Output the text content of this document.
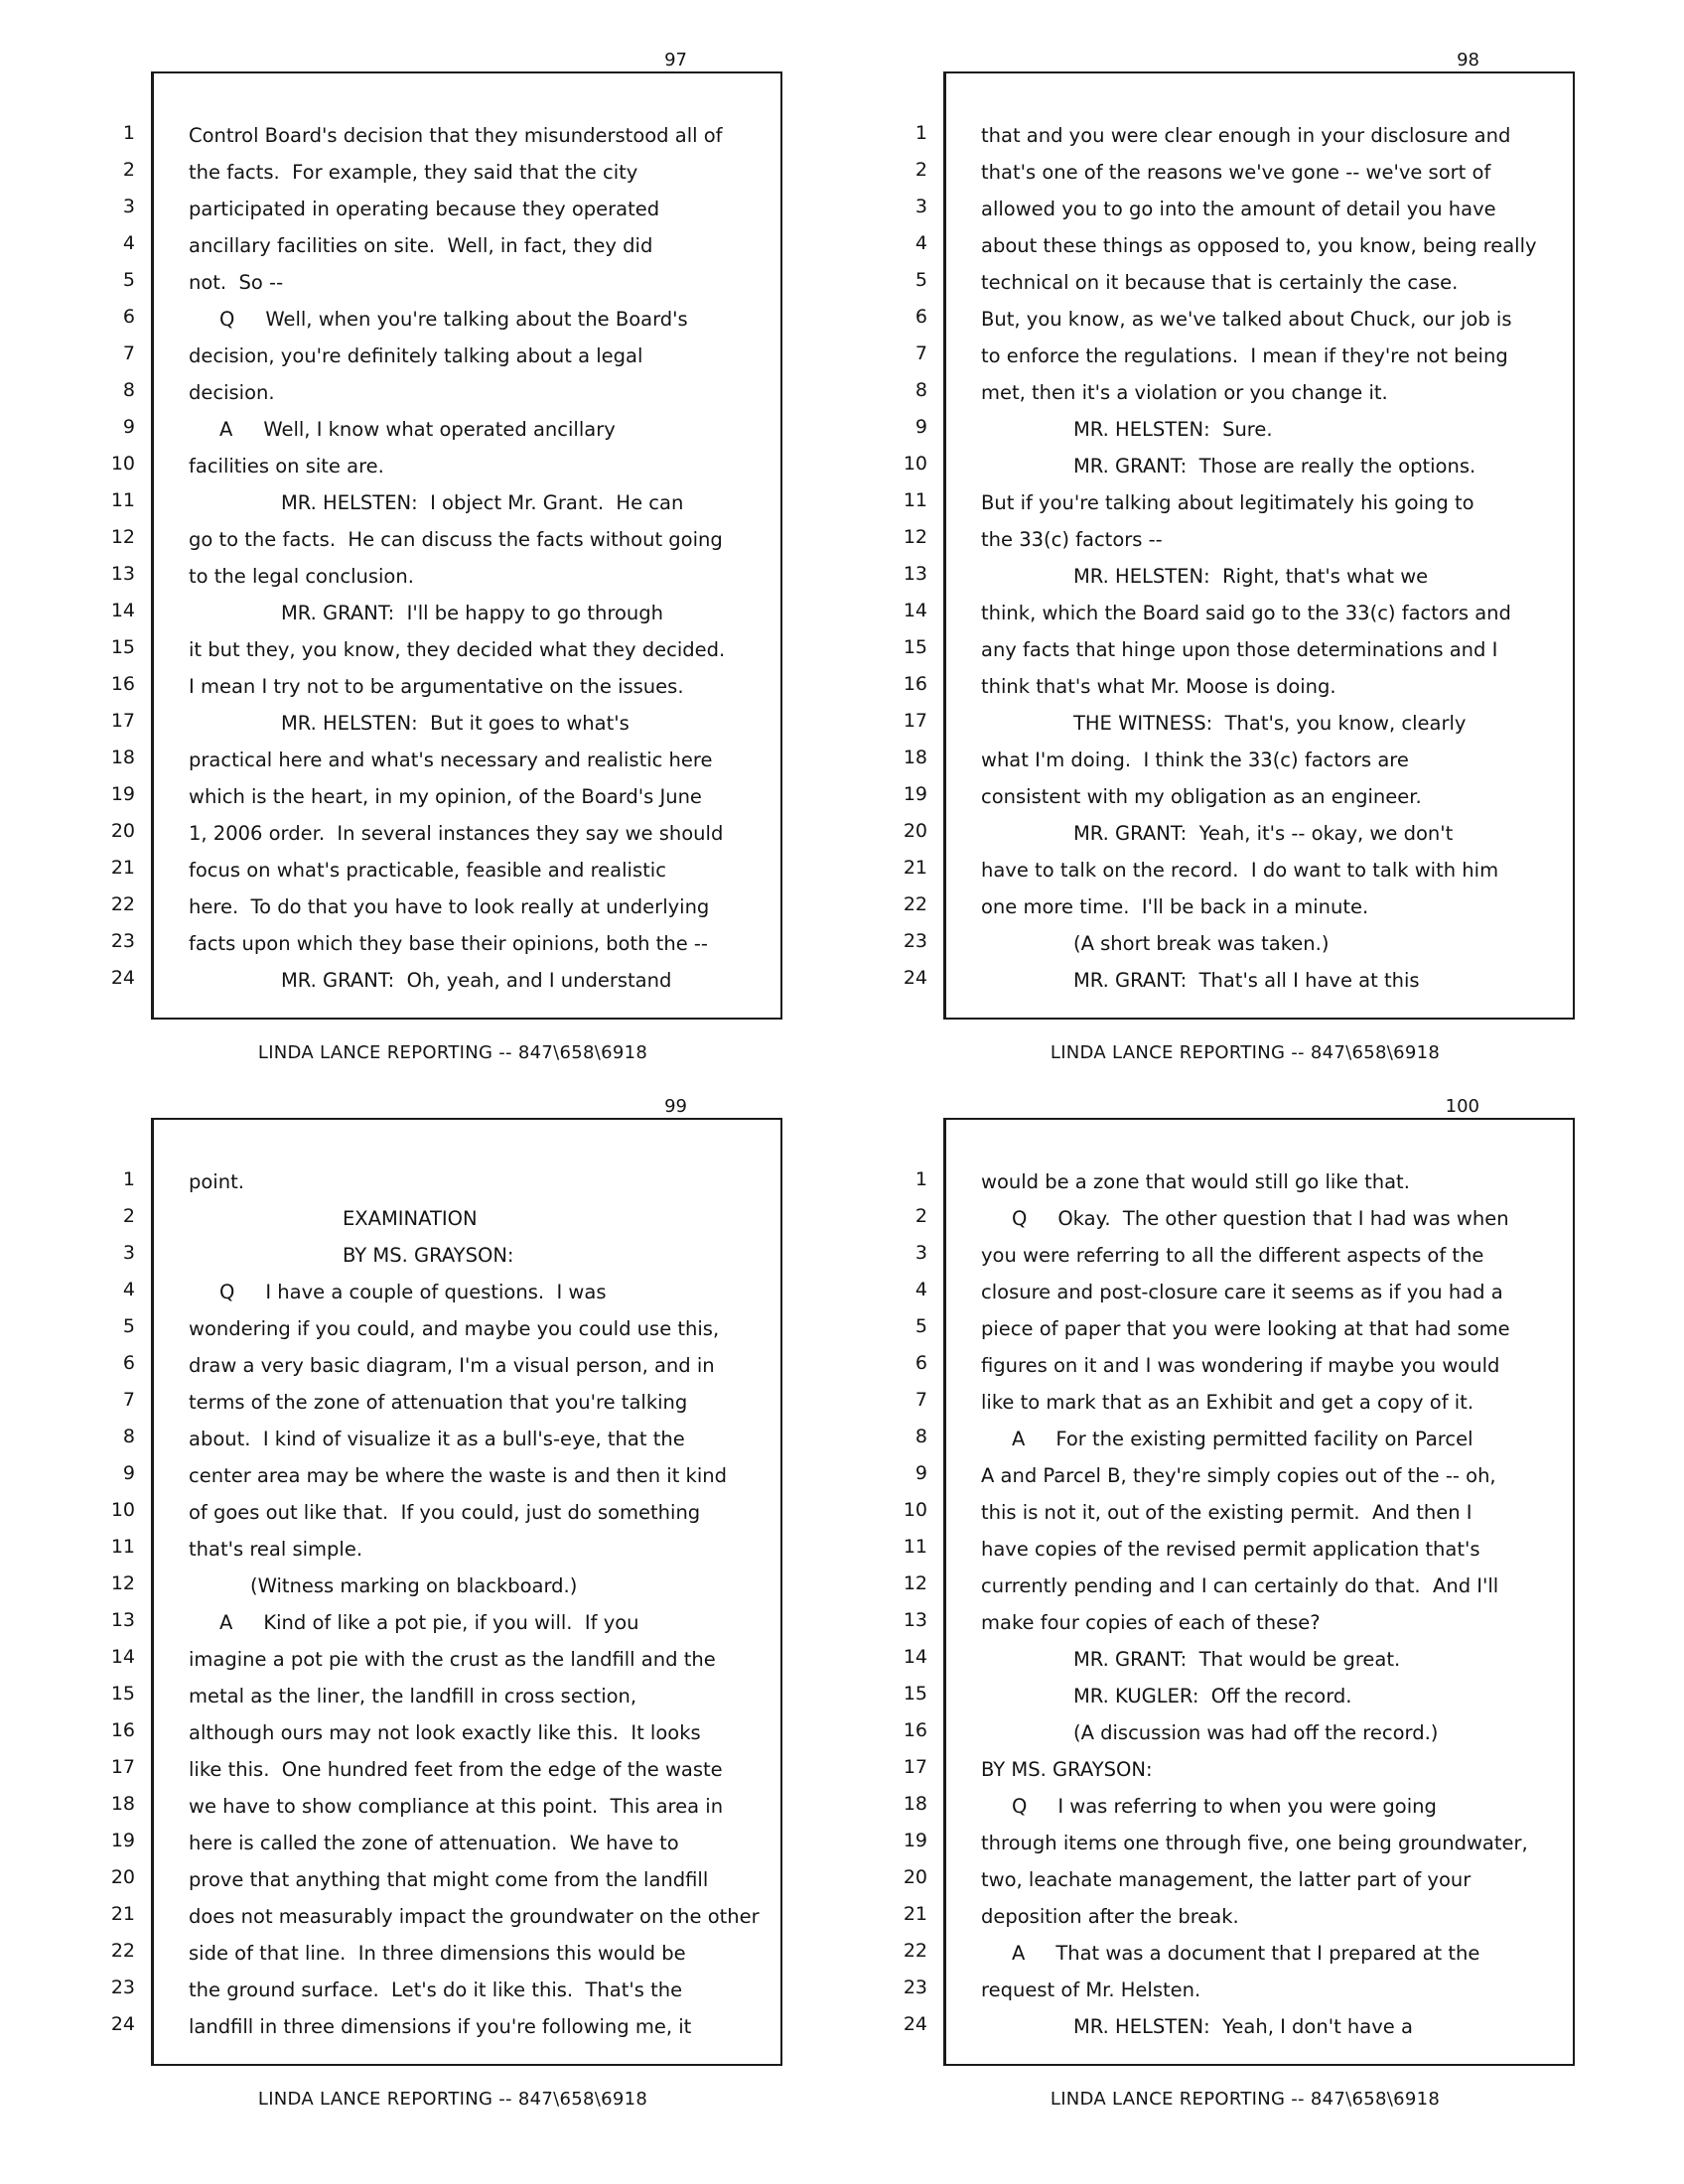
97
1
2
3
4
5
6
7
8
9
10
11
12
13
14
15
16
17
18
19
20
21
22
23
24
Control Board's decision that they misunderstood all of
the facts.  For example, they said that the city
participated in operating because they operated
ancillary facilities on site.  Well, in fact, they did
not.  So --
Q     Well, when you're talking about the Board's
decision, you're definitely talking about a legal
decision.
A     Well, I know what operated ancillary
facilities on site are.
MR. HELSTEN:  I object Mr. Grant.  He can
go to the facts.  He can discuss the facts without going
to the legal conclusion.
MR. GRANT:  I'll be happy to go through
it but they, you know, they decided what they decided.
I mean I try not to be argumentative on the issues.
MR. HELSTEN:  But it goes to what's
practical here and what's necessary and realistic here
which is the heart, in my opinion, of the Board's June
1, 2006 order.  In several instances they say we should
focus on what's practicable, feasible and realistic
here.  To do that you have to look really at underlying
facts upon which they base their opinions, both the --
MR. GRANT:  Oh, yeah, and I understand
LINDA LANCE REPORTING -- 847\658\6918
98
1
2
3
4
5
6
7
8
9
10
11
12
13
14
15
16
17
18
19
20
21
22
23
24
that and you were clear enough in your disclosure and
that's one of the reasons we've gone -- we've sort of
allowed you to go into the amount of detail you have
about these things as opposed to, you know, being really
technical on it because that is certainly the case.
But, you know, as we've talked about Chuck, our job is
to enforce the regulations.  I mean if they're not being
met, then it's a violation or you change it.
MR. HELSTEN:  Sure.
MR. GRANT:  Those are really the options.
But if you're talking about legitimately his going to
the 33(c) factors --
MR. HELSTEN:  Right, that's what we
think, which the Board said go to the 33(c) factors and
any facts that hinge upon those determinations and I
think that's what Mr. Moose is doing.
THE WITNESS:  That's, you know, clearly
what I'm doing.  I think the 33(c) factors are
consistent with my obligation as an engineer.
MR. GRANT:  Yeah, it's -- okay, we don't
have to talk on the record.  I do want to talk with him
one more time.  I'll be back in a minute.
(A short break was taken.)
MR. GRANT:  That's all I have at this
LINDA LANCE REPORTING -- 847\658\6918
99
1
2
3
4
5
6
7
8
9
10
11
12
13
14
15
16
17
18
19
20
21
22
23
24
point.
EXAMINATION
BY MS. GRAYSON:
Q     I have a couple of questions.  I was
wondering if you could, and maybe you could use this,
draw a very basic diagram, I'm a visual person, and in
terms of the zone of attenuation that you're talking
about.  I kind of visualize it as a bull's-eye, that the
center area may be where the waste is and then it kind
of goes out like that.  If you could, just do something
that's real simple.
(Witness marking on blackboard.)
A     Kind of like a pot pie, if you will.  If you
imagine a pot pie with the crust as the landfill and the
metal as the liner, the landfill in cross section,
although ours may not look exactly like this.  It looks
like this.  One hundred feet from the edge of the waste
we have to show compliance at this point.  This area in
here is called the zone of attenuation.  We have to
prove that anything that might come from the landfill
does not measurably impact the groundwater on the other
side of that line.  In three dimensions this would be
the ground surface.  Let's do it like this.  That's the
landfill in three dimensions if you're following me, it
LINDA LANCE REPORTING -- 847\658\6918
100
1
2
3
4
5
6
7
8
9
10
11
12
13
14
15
16
17
18
19
20
21
22
23
24
would be a zone that would still go like that.
Q     Okay.  The other question that I had was when
you were referring to all the different aspects of the
closure and post-closure care it seems as if you had a
piece of paper that you were looking at that had some
figures on it and I was wondering if maybe you would
like to mark that as an Exhibit and get a copy of it.
A     For the existing permitted facility on Parcel
A and Parcel B, they're simply copies out of the -- oh,
this is not it, out of the existing permit.  And then I
have copies of the revised permit application that's
currently pending and I can certainly do that.  And I'll
make four copies of each of these?
MR. GRANT:  That would be great.
MR. KUGLER:  Off the record.
(A discussion was had off the record.)
BY MS. GRAYSON:
Q     I was referring to when you were going
through items one through five, one being groundwater,
two, leachate management, the latter part of your
deposition after the break.
A     That was a document that I prepared at the
request of Mr. Helsten.
MR. HELSTEN:  Yeah, I don't have a
LINDA LANCE REPORTING -- 847\658\6918
